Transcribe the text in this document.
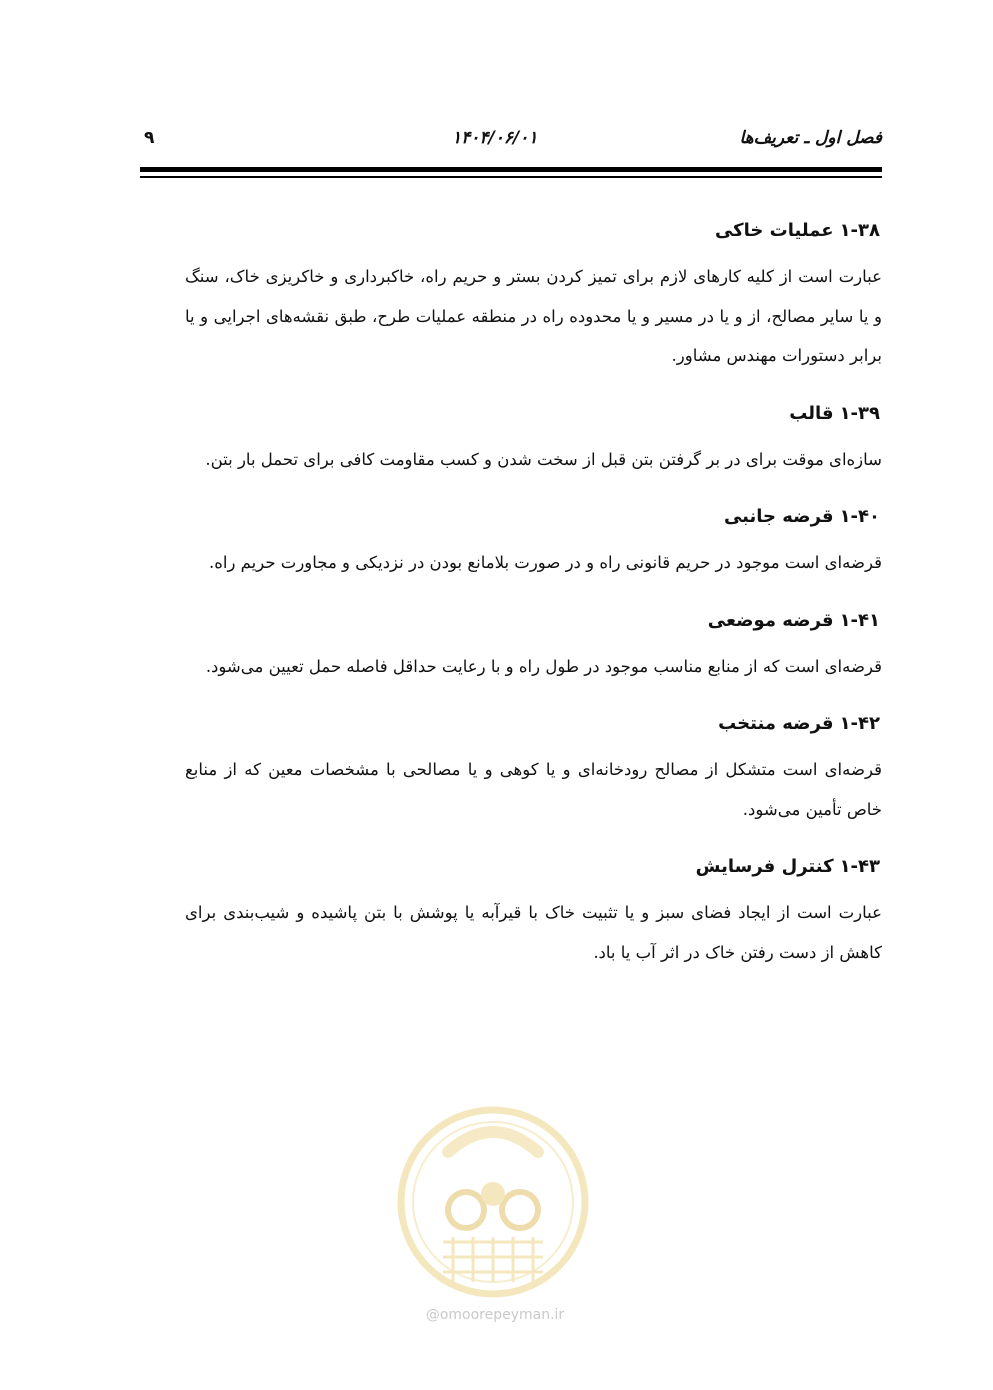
فصل اول ـ تعریف‌ها
۱۴۰۴/۰۶/۰۱
۹
۱-۳۸عملیات خاکی

عبارت است از کلیه کارهای لازم برای تمیز کردن بستر و حریم راه، خاکبرداری و خاکریزی خاک، سنگ و یا سایر مصالح، از و یا در مسیر و یا محدوده راه در منطقه عملیات طرح، طبق نقشه‌های اجرایی و یا برابر دستورات مهندس مشاور.

۱-۳۹قالب

سازه‌ای موقت برای در بر گرفتن بتن قبل از سخت شدن و کسب مقاومت کافی برای تحمل بار بتن.

۱-۴۰قرضه جانبی

قرضه‌ای است موجود در حریم قانونی راه و در صورت بلامانع بودن در نزدیکی و مجاورت حریم راه.

۱-۴۱قرضه موضعی

قرضه‌ای است که از منابع مناسب موجود در طول راه و با رعایت حداقل فاصله حمل تعیین می‌شود.

۱-۴۲قرضه منتخب

قرضه‌ای است متشکل از مصالح رودخانه‌ای و یا کوهی و یا مصالحی با مشخصات معین که از منابع خاص تأمین می‌شود.

۱-۴۳کنترل فرسایش

عبارت است از ایجاد فضای سبز و یا تثبیت خاک با قیرآبه یا پوشش با بتن پاشیده و شیب‌بندی برای کاهش از دست رفتن خاک در اثر آب یا باد.

@omoorepeyman.ir
